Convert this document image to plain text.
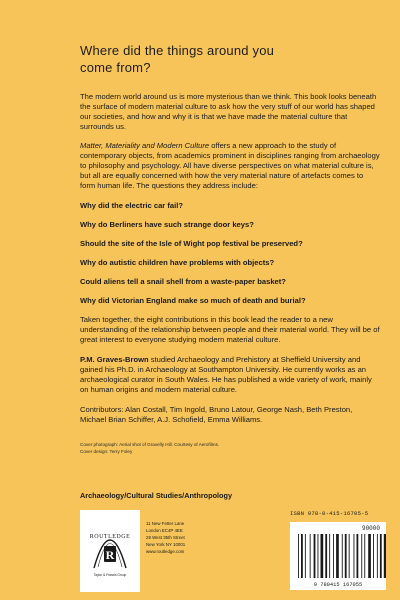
Where did the things around you
come from?

The modern world around us is more mysterious than we think. This book looks beneath the surface of modern material culture to ask how the very stuff of our world has shaped our societies, and how and why it is that we have made the material culture that surrounds us.

Matter, Materiality and Modern Culture offers a new approach to the study of contemporary objects, from academics prominent in disciplines ranging from archaeology to philosophy and psychology. All have diverse perspectives on what material culture is, but all are equally concerned with how the very material nature of artefacts comes to form human life. The questions they address include:

Why did the electric car fail?
Why do Berliners have such strange door keys?
Should the site of the Isle of Wight pop festival be preserved?
Why do autistic children have problems with objects?
Could aliens tell a snail shell from a waste-paper basket?
Why did Victorian England make so much of death and burial?

Taken together, the eight contributions in this book lead the reader to a new understanding of the relationship between people and their material world. They will be of great interest to everyone studying modern material culture.

P.M. Graves-Brown studied Archaeology and Prehistory at Sheffield University and gained his Ph.D. in Archaeology at Southampton University. He currently works as an archaeological curator in South Wales. He has published a wide variety of work, mainly on human origins and modern material culture.

Contributors: Alan Costall, Tim Ingold, Bruno Latour, George Nash, Beth Preston, Michael Brian Schiffer, A.J. Schofield, Emma Williams.

Cover photograph: Aerial shot of Gravelly Hill. Courtesy of Aerofilms.
Cover design: Terry Foley
Archaeology/Cultural Studies/Anthropology
R
ROUTLEDGE
Taylor & Francis Group
11 New Fetter Lane
London EC4P 4EE
29 West 35th Street
New York NY 10001
www.routledge.com
ISBN 978-0-415-16705-5
90000
9 780415 167055
